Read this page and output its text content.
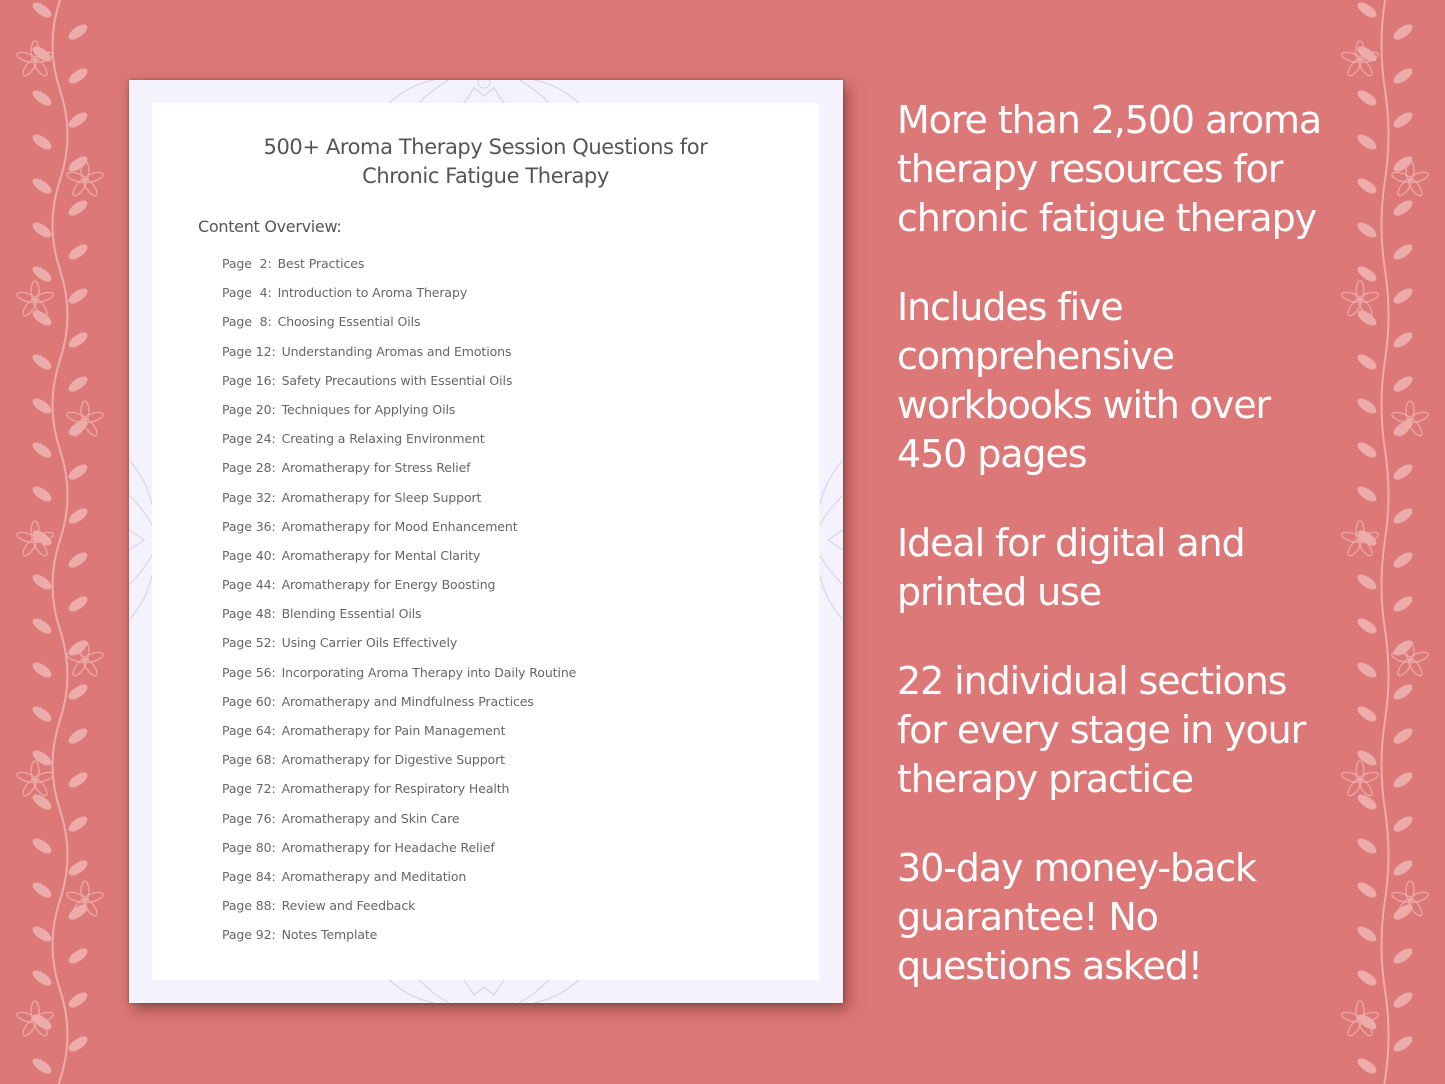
500+ Aroma Therapy Session Questions for
Chronic Fatigue Therapy
Content Overview:
Page  2: Best Practices
Page  4: Introduction to Aroma Therapy
Page  8: Choosing Essential Oils
Page 12: Understanding Aromas and Emotions
Page 16: Safety Precautions with Essential Oils
Page 20: Techniques for Applying Oils
Page 24: Creating a Relaxing Environment
Page 28: Aromatherapy for Stress Relief
Page 32: Aromatherapy for Sleep Support
Page 36: Aromatherapy for Mood Enhancement
Page 40: Aromatherapy for Mental Clarity
Page 44: Aromatherapy for Energy Boosting
Page 48: Blending Essential Oils
Page 52: Using Carrier Oils Effectively
Page 56: Incorporating Aroma Therapy into Daily Routine
Page 60: Aromatherapy and Mindfulness Practices
Page 64: Aromatherapy for Pain Management
Page 68: Aromatherapy for Digestive Support
Page 72: Aromatherapy for Respiratory Health
Page 76: Aromatherapy and Skin Care
Page 80: Aromatherapy for Headache Relief
Page 84: Aromatherapy and Meditation
Page 88: Review and Feedback
Page 92: Notes Template
More than 2,500 aroma
therapy resources for
chronic fatigue therapy
Includes five
comprehensive
workbooks with over
450 pages
Ideal for digital and
printed use
22 individual sections
for every stage in your
therapy practice
30-day money-back
guarantee! No
questions asked!
